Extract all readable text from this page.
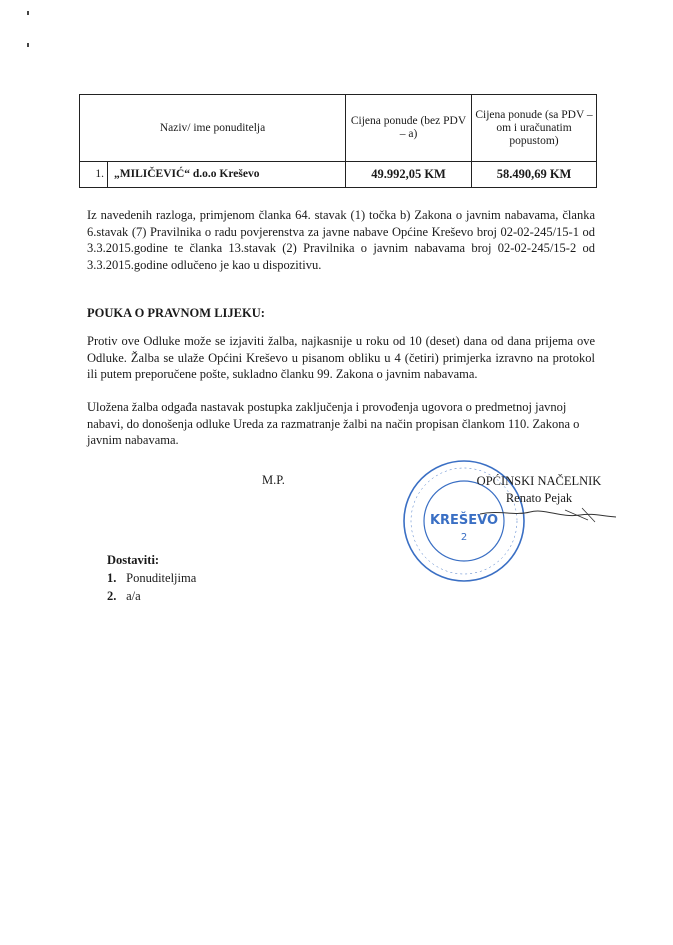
Naziv/ ime ponuditelja		Cijena ponude (bez PDV – a)	Cijena ponude (sa PDV – om i uračunatim popustom)
1.	„MILIČEVIĆ“ d.o.o Kreševo	49.992,05 KM	58.490,69 KM
Iz navedenih razloga, primjenom članka 64. stavak (1) točka b) Zakona o javnim nabavama, članka 6.stavak (7) Pravilnika o radu povjerenstva za javne nabave Općine Kreševo broj 02-02-245/15-1 od 3.3.2015.godine te članka 13.stavak (2) Pravilnika o javnim nabavama broj 02-02-245/15-2 od 3.3.2015.godine odlučeno je kao u dispozitivu.
POUKA O PRAVNOM LIJEKU:
Protiv ove Odluke može se izjaviti žalba, najkasnije u roku od 10 (deset) dana od dana prijema ove Odluke. Žalba se ulaže Općini Kreševo u pisanom obliku u 4 (četiri) primjerka izravno na protokol ili putem preporučene pošte, sukladno članku 99. Zakona o javnim nabavama.
Uložena žalba odgađa nastavak postupka zaključenja i provođenja ugovora o predmetnoj javnoj nabavi, do donošenja odluke Ureda za razmatranje žalbi na način propisan člankom 110. Zakona o javnim nabavama.
M.P.
KREŠEVO
2
OPĆINSKI NAČELNIK
Renato Pejak
Dostaviti:
1. Ponuditeljima
2. a/a
